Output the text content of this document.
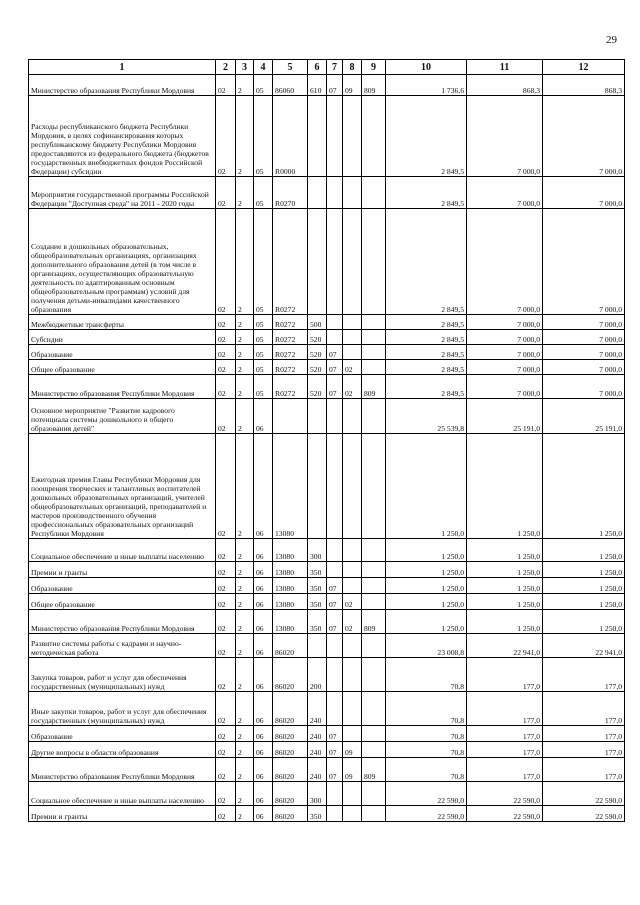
29
1	2	3	4	5	6	7	8	9	10	11	12
Министерство образования Республики Мордовия	02	2	05	86060	610	07	09	809	1 736,6	868,3	868,3
Расходы республиканского бюджета Республики Мордовия, в целях софинансирования которых республиканскому бюджету Республики Мордовия предоставляются из федерального бюджета (бюджетов государственных внебюджетных фондов Российской Федерации) субсидии	02	2	05	R0000					2 849,5	7 000,0	7 000,0
Мероприятия государственной программы Российской Федерации "Доступная среда" на 2011 - 2020 годы	02	2	05	R0270					2 849,5	7 000,0	7 000,0
Создание в дошкольных образовательных, общеобразовательных организациях, организациях дополнительного образования детей (в том числе в организациях, осуществляющих образовательную деятельность по адаптированным основным общеобразовательным программам) условий для получения детьми-инвалидами качественного образования	02	2	05	R0272					2 849,5	7 000,0	7 000,0
Межбюджетные трансферты	02	2	05	R0272	500				2 849,5	7 000,0	7 000,0
Субсидии	02	2	05	R0272	520				2 849,5	7 000,0	7 000,0
Образование	02	2	05	R0272	520	07			2 849,5	7 000,0	7 000,0
Общее образование	02	2	05	R0272	520	07	02		2 849,5	7 000,0	7 000,0
Министерство образования Республики Мордовия	02	2	05	R0272	520	07	02	809	2 849,5	7 000,0	7 000,0
Основное мероприятие "Развитие кадрового потенциала системы дошкольного и общего образования детей"	02	2	06						25 539,8	25 191,0	25 191,0
Ежегодная премия Главы Республики Мордовия для поощрения творческих и талантливых воспитателей дошкольных образовательных организаций, учителей общеобразовательных организаций, преподавателей и мастеров производственного обучения профессиональных образовательных организаций Республики Мордовия	02	2	06	13080					1 250,0	1 250,0	1 250,0
Социальное обеспечение и иные выплаты населению	02	2	06	13080	300				1 250,0	1 250,0	1 250,0
Премии и гранты	02	2	06	13080	350				1 250,0	1 250,0	1 250,0
Образование	02	2	06	13080	350	07			1 250,0	1 250,0	1 250,0
Общее образование	02	2	06	13080	350	07	02		1 250,0	1 250,0	1 250,0
Министерство образования Республики Мордовия	02	2	06	13080	350	07	02	809	1 250,0	1 250,0	1 250,0
Развитие системы работы с кадрами и научно-методическая работа	02	2	06	86020					23 008,8	22 941,0	22 941,0
Закупка товаров, работ и услуг для обеспечения государственных (муниципальных) нужд	02	2	06	86020	200				70,8	177,0	177,0
Иные закупки товаров, работ и услуг для обеспечения государственных (муниципальных) нужд	02	2	06	86020	240				70,8	177,0	177,0
Образование	02	2	06	86020	240	07			70,8	177,0	177,0
Другие вопросы в области образования	02	2	06	86020	240	07	09		70,8	177,0	177,0
Министерство образования Республики Мордовия	02	2	06	86020	240	07	09	809	70,8	177,0	177,0
Социальное обеспечение и иные выплаты населению	02	2	06	86020	300				22 590,0	22 590,0	22 590,0
Премии и гранты	02	2	06	86020	350				22 590,0	22 590,0	22 590,0
